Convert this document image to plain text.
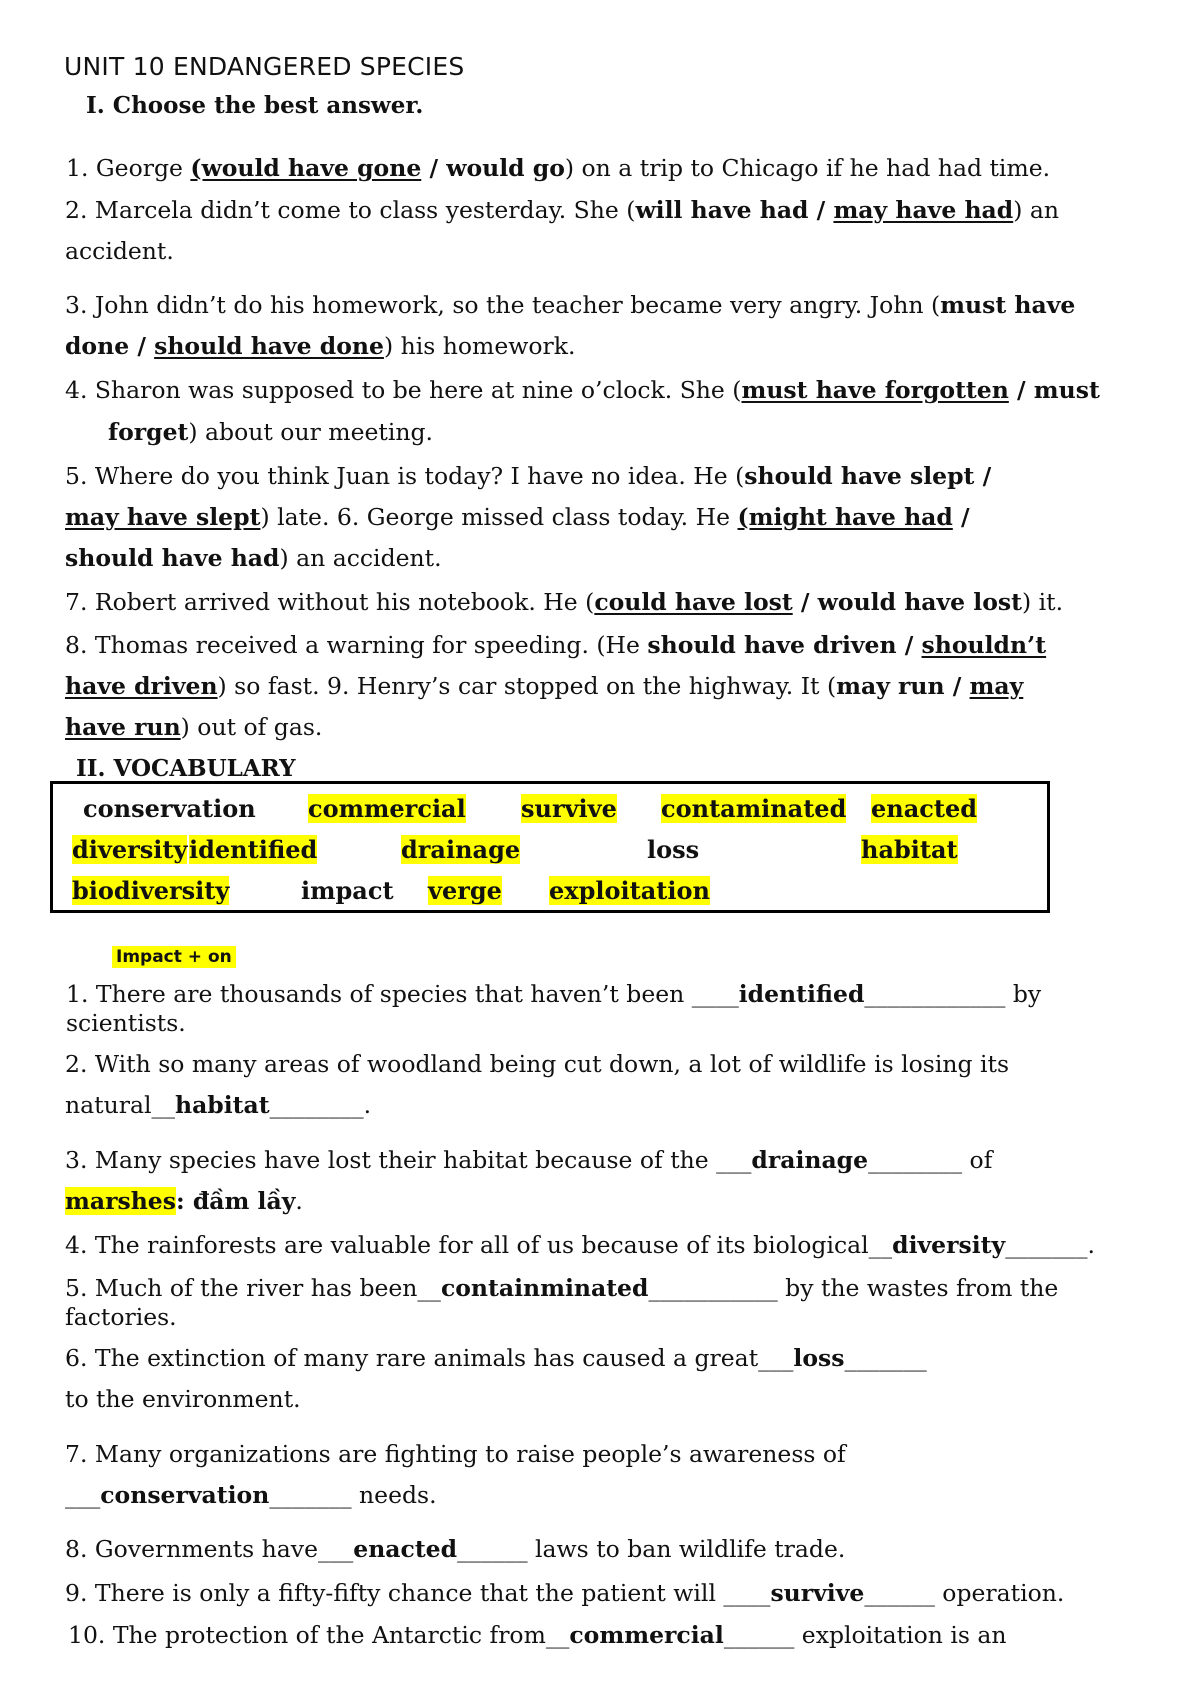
UNIT 10 ENDANGERED SPECIES
I. Choose the best answer.
1. George (would have gone / would go) on a trip to Chicago if he had had time.
2. Marcela didn’t come to class yesterday. She (will have had / may have had) an
accident.
3. John didn’t do his homework, so the teacher became very angry. John (must have
done / should have done) his homework.
4. Sharon was supposed to be here at nine o’clock. She (must have forgotten / must
forget) about our meeting.
5. Where do you think Juan is today? I have no idea. He (should have slept /
may have slept) late. 6. George missed class today. He (might have had /
should have had) an accident.
7. Robert arrived without his notebook. He (could have lost / would have lost) it.
8. Thomas received a warning for speeding. (He should have driven / shouldn’t
have driven) so fast. 9. Henry’s car stopped on the highway. It (may run / may
have run) out of gas.
II. VOCABULARY
conservation commercial survive contaminated enacted
diversity identified	drainage	loss	habitat
biodiversity	impact verge exploitation
Impact + on
1. There are thousands of species that haven’t been ____identified____________ by
scientists.
2. With so many areas of woodland being cut down, a lot of wildlife is losing its
natural__habitat________.
3. Many species have lost their habitat because of the ___drainage________ of
marshes: đầm lầy.
4. The rainforests are valuable for all of us because of its biological__diversity_______.
5. Much of the river has been__containminated___________ by the wastes from the
factories.
6. The extinction of many rare animals has caused a great___loss_______
to the environment.
7. Many organizations are fighting to raise people’s awareness of
___conservation_______ needs.
8. Governments have___enacted______ laws to ban wildlife trade.
9. There is only a fifty-fifty chance that the patient will ____survive______ operation.
10. The protection of the Antarctic from__commercial______ exploitation is an
